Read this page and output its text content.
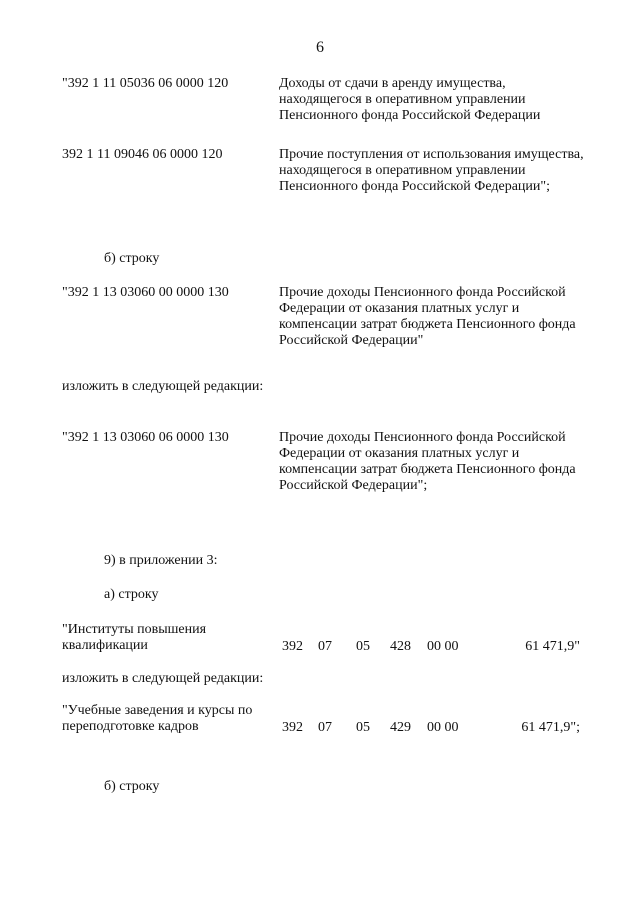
6
"392 1 11 05036 06 0000 120	Доходы от сдачи в аренду имущества, находящегося в оперативном управлении Пенсионного фонда Российской Федерации
392 1 11 09046 06 0000 120	Прочие поступления от использования имущества, находящегося в оперативном управлении Пенсионного фонда Российской Федерации";
б) строку
"392 1 13 03060 00 0000 130	Прочие доходы Пенсионного фонда Российской Федерации от оказания платных услуг и компенсации затрат бюджета Пенсионного фонда Российской Федерации"
изложить в следующей редакции:
"392 1 13 03060 06 0000 130	Прочие доходы Пенсионного фонда Российской Федерации от оказания платных услуг и компенсации затрат бюджета Пенсионного фонда Российской Федерации";
9) в приложении 3:
а) строку
"Институты повышения квалификации	392 07 05 428 00 00	61 471,9"
изложить в следующей редакции:
"Учебные заведения и курсы по переподготовке кадров	392 07 05 429 00 00	61 471,9";
б) строку
